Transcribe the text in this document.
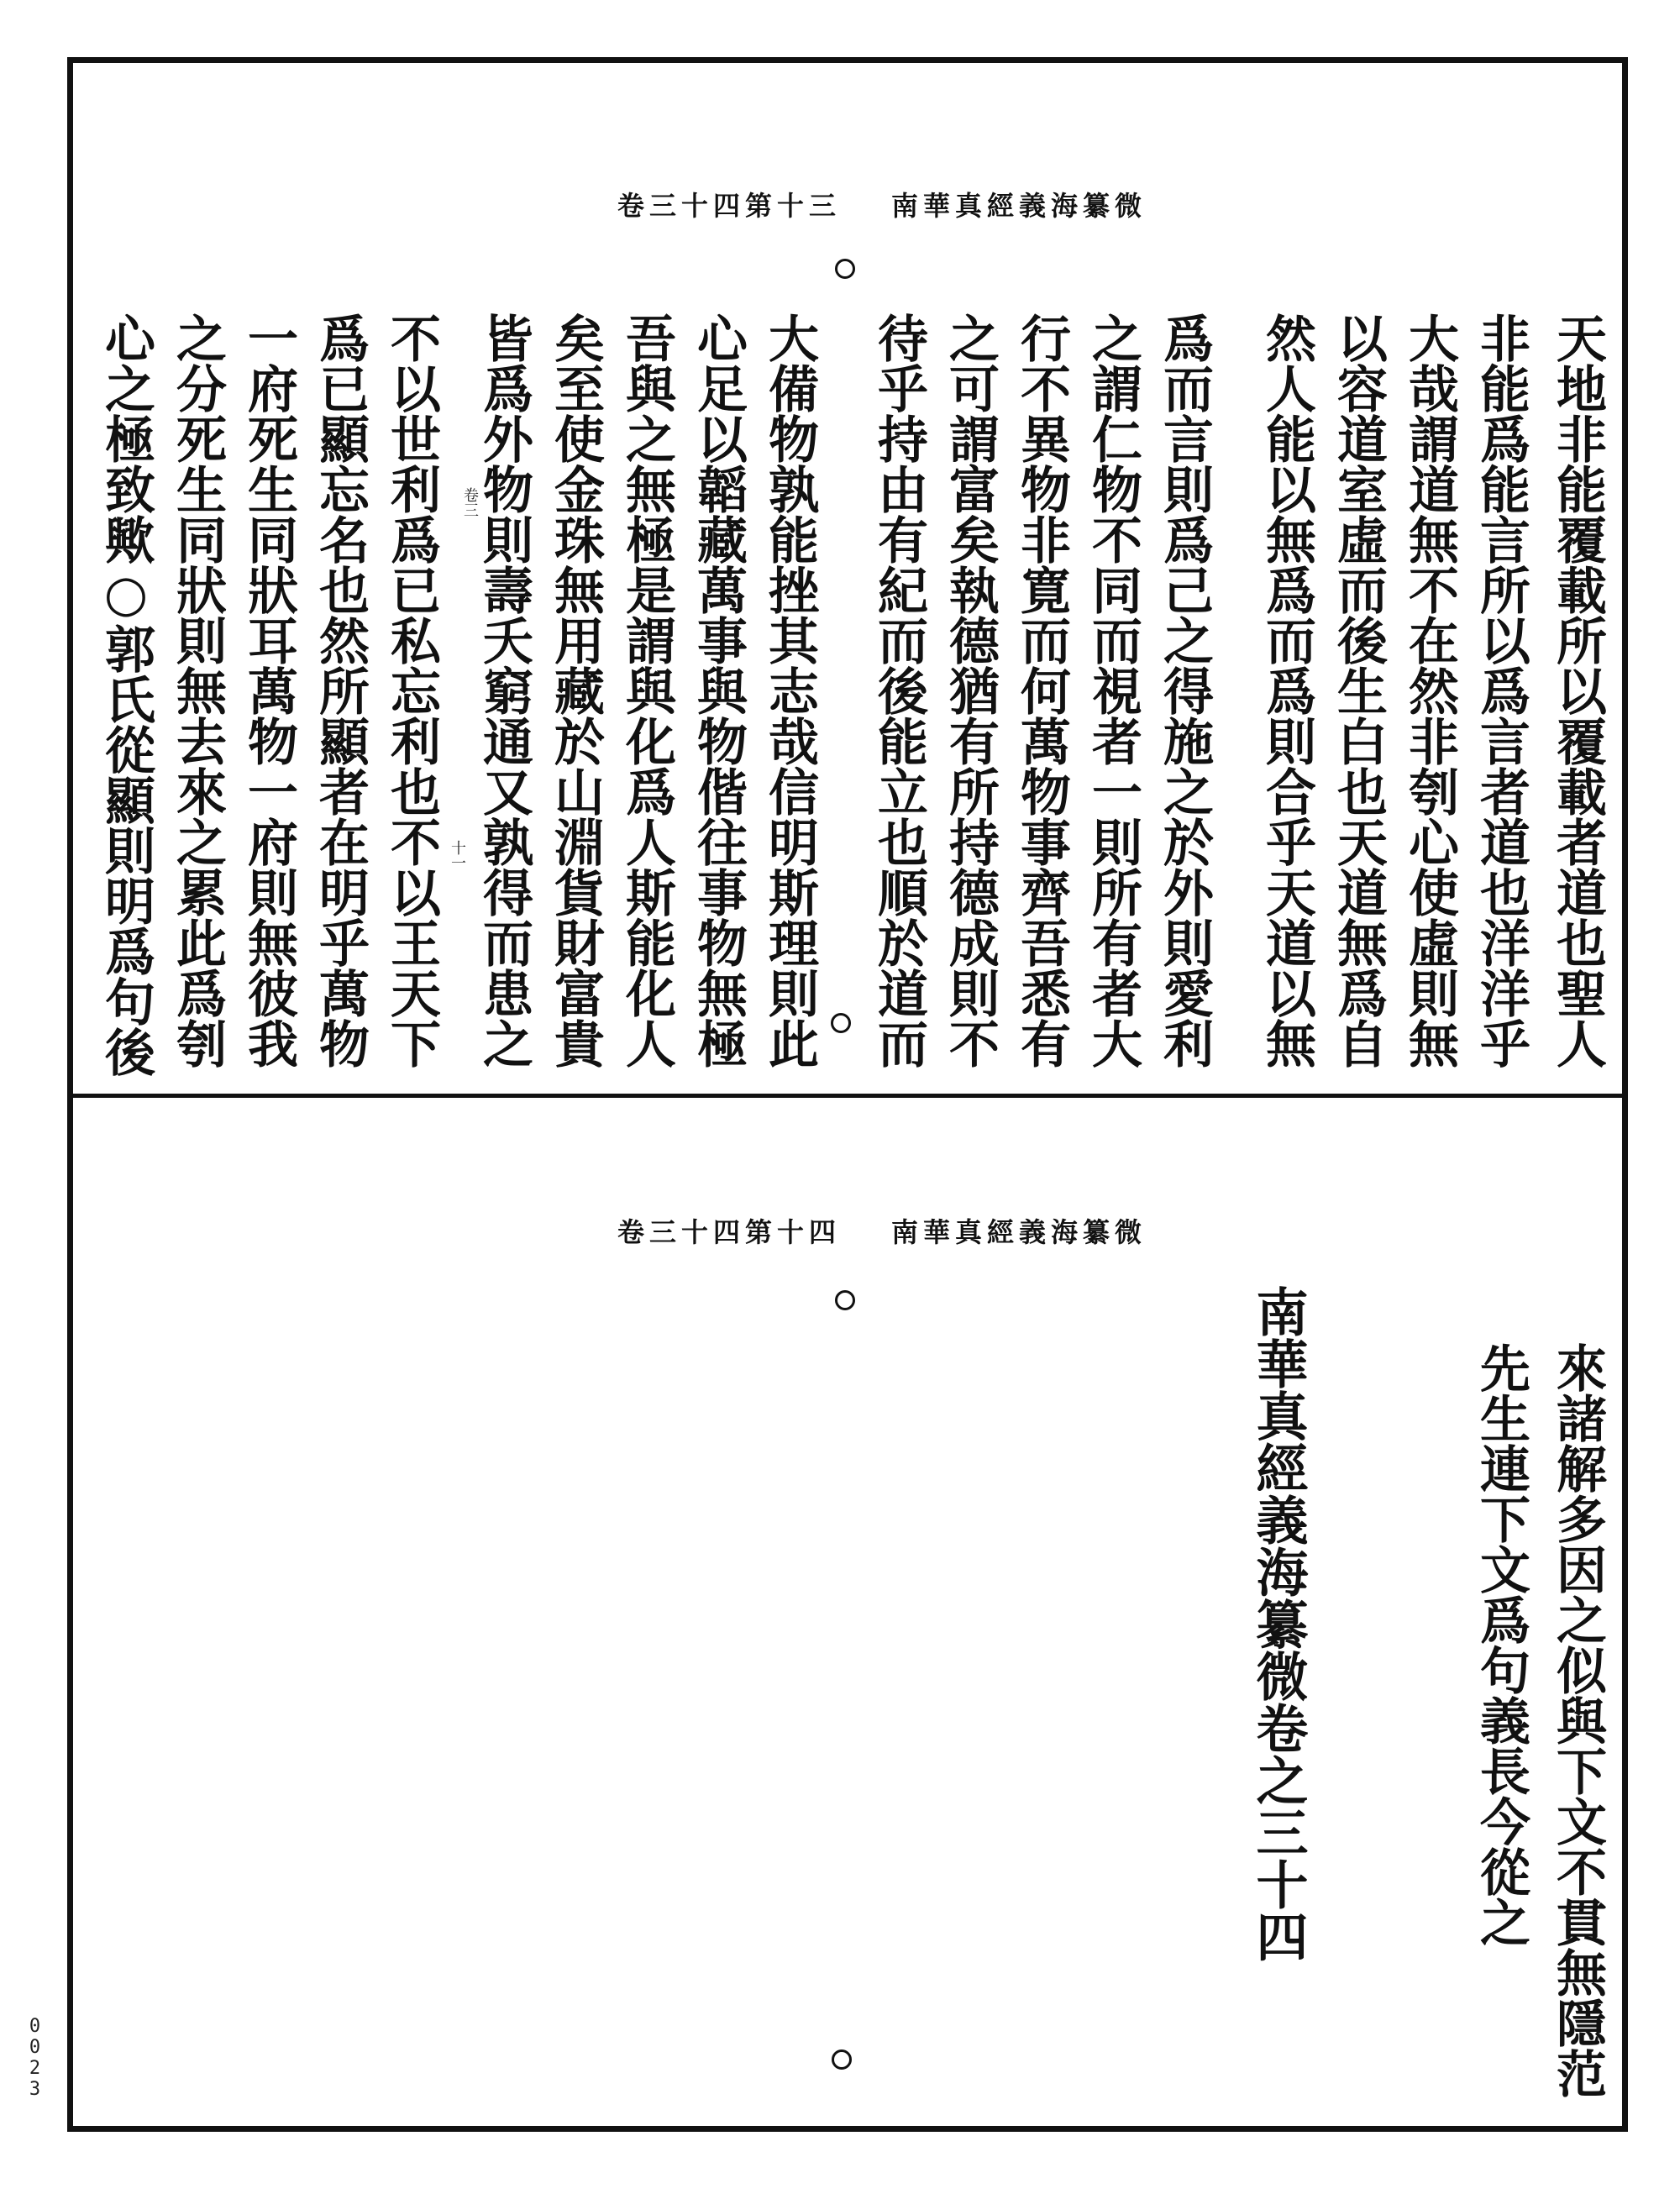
南華真經義海纂微卷三十四第十三
天地非能覆載所以覆載者道也聖人
非能爲能言所以爲言者道也洋洋乎
大哉謂道無不在然非刳心使虛則無
以容道室虛而後生白也天道無爲自
然人能以無爲而爲則合乎天道以無
爲而言則爲己之得施之於外則愛利
之謂仁物不同而視者一則所有者大
行不異物非寛而何萬物事齊吾悉有
之可謂富矣執德猶有所持德成則不
待乎持由有紀而後能立也順於道而
大備物孰能挫其志哉信明斯理則此
心足以韜藏萬事與物偕往事物無極
吾與之無極是謂與化爲人斯能化人
矣至使金珠無用藏於山淵貨財富貴
皆爲外物則壽夭窮通又孰得而患之
不以世利爲已私忘利也不以王天下
爲已顯忘名也然所顯者在明乎萬物
一府死生同狀耳萬物一府則無彼我
之分死生同狀則無去來之累此爲刳
心之極致歟○郭氏從顯則明爲句後	卷三
十一
南華真經義海纂微卷三十四第十四
來諸解多因之似與下文不貫無隱范
先生連下文爲句義長今從之
南華真經義海纂微卷之三十四
0023
